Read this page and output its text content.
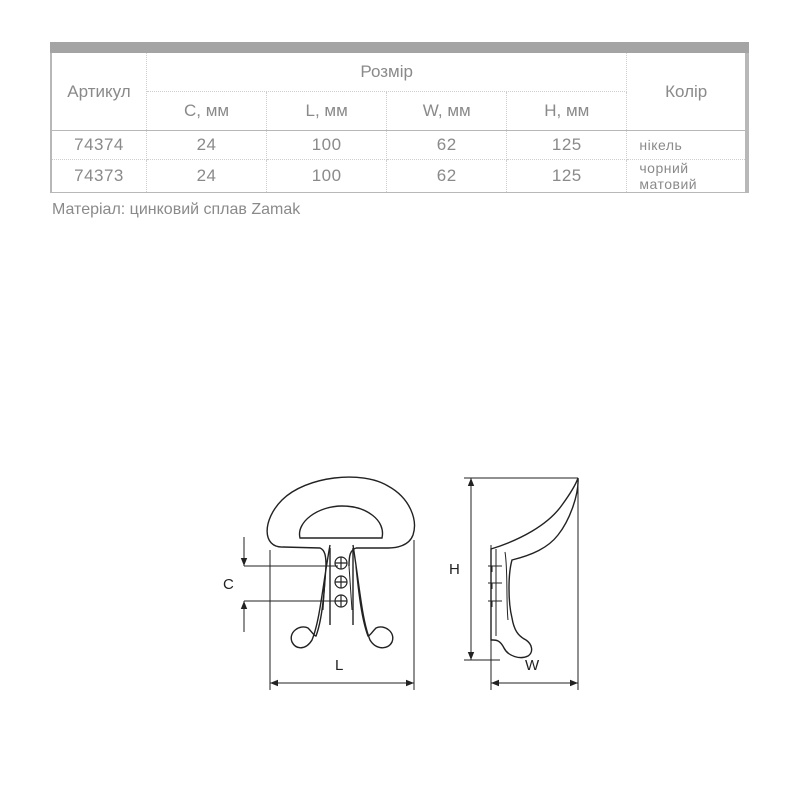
Артикул	Розмір				Колір
	C, мм	L, мм	W, мм	H, мм	
74374	24	100	62	125	нікель
74373	24	100	62	125	чорний матовий
Матеріал: цинковий сплав Zamak
C
L
H
W
